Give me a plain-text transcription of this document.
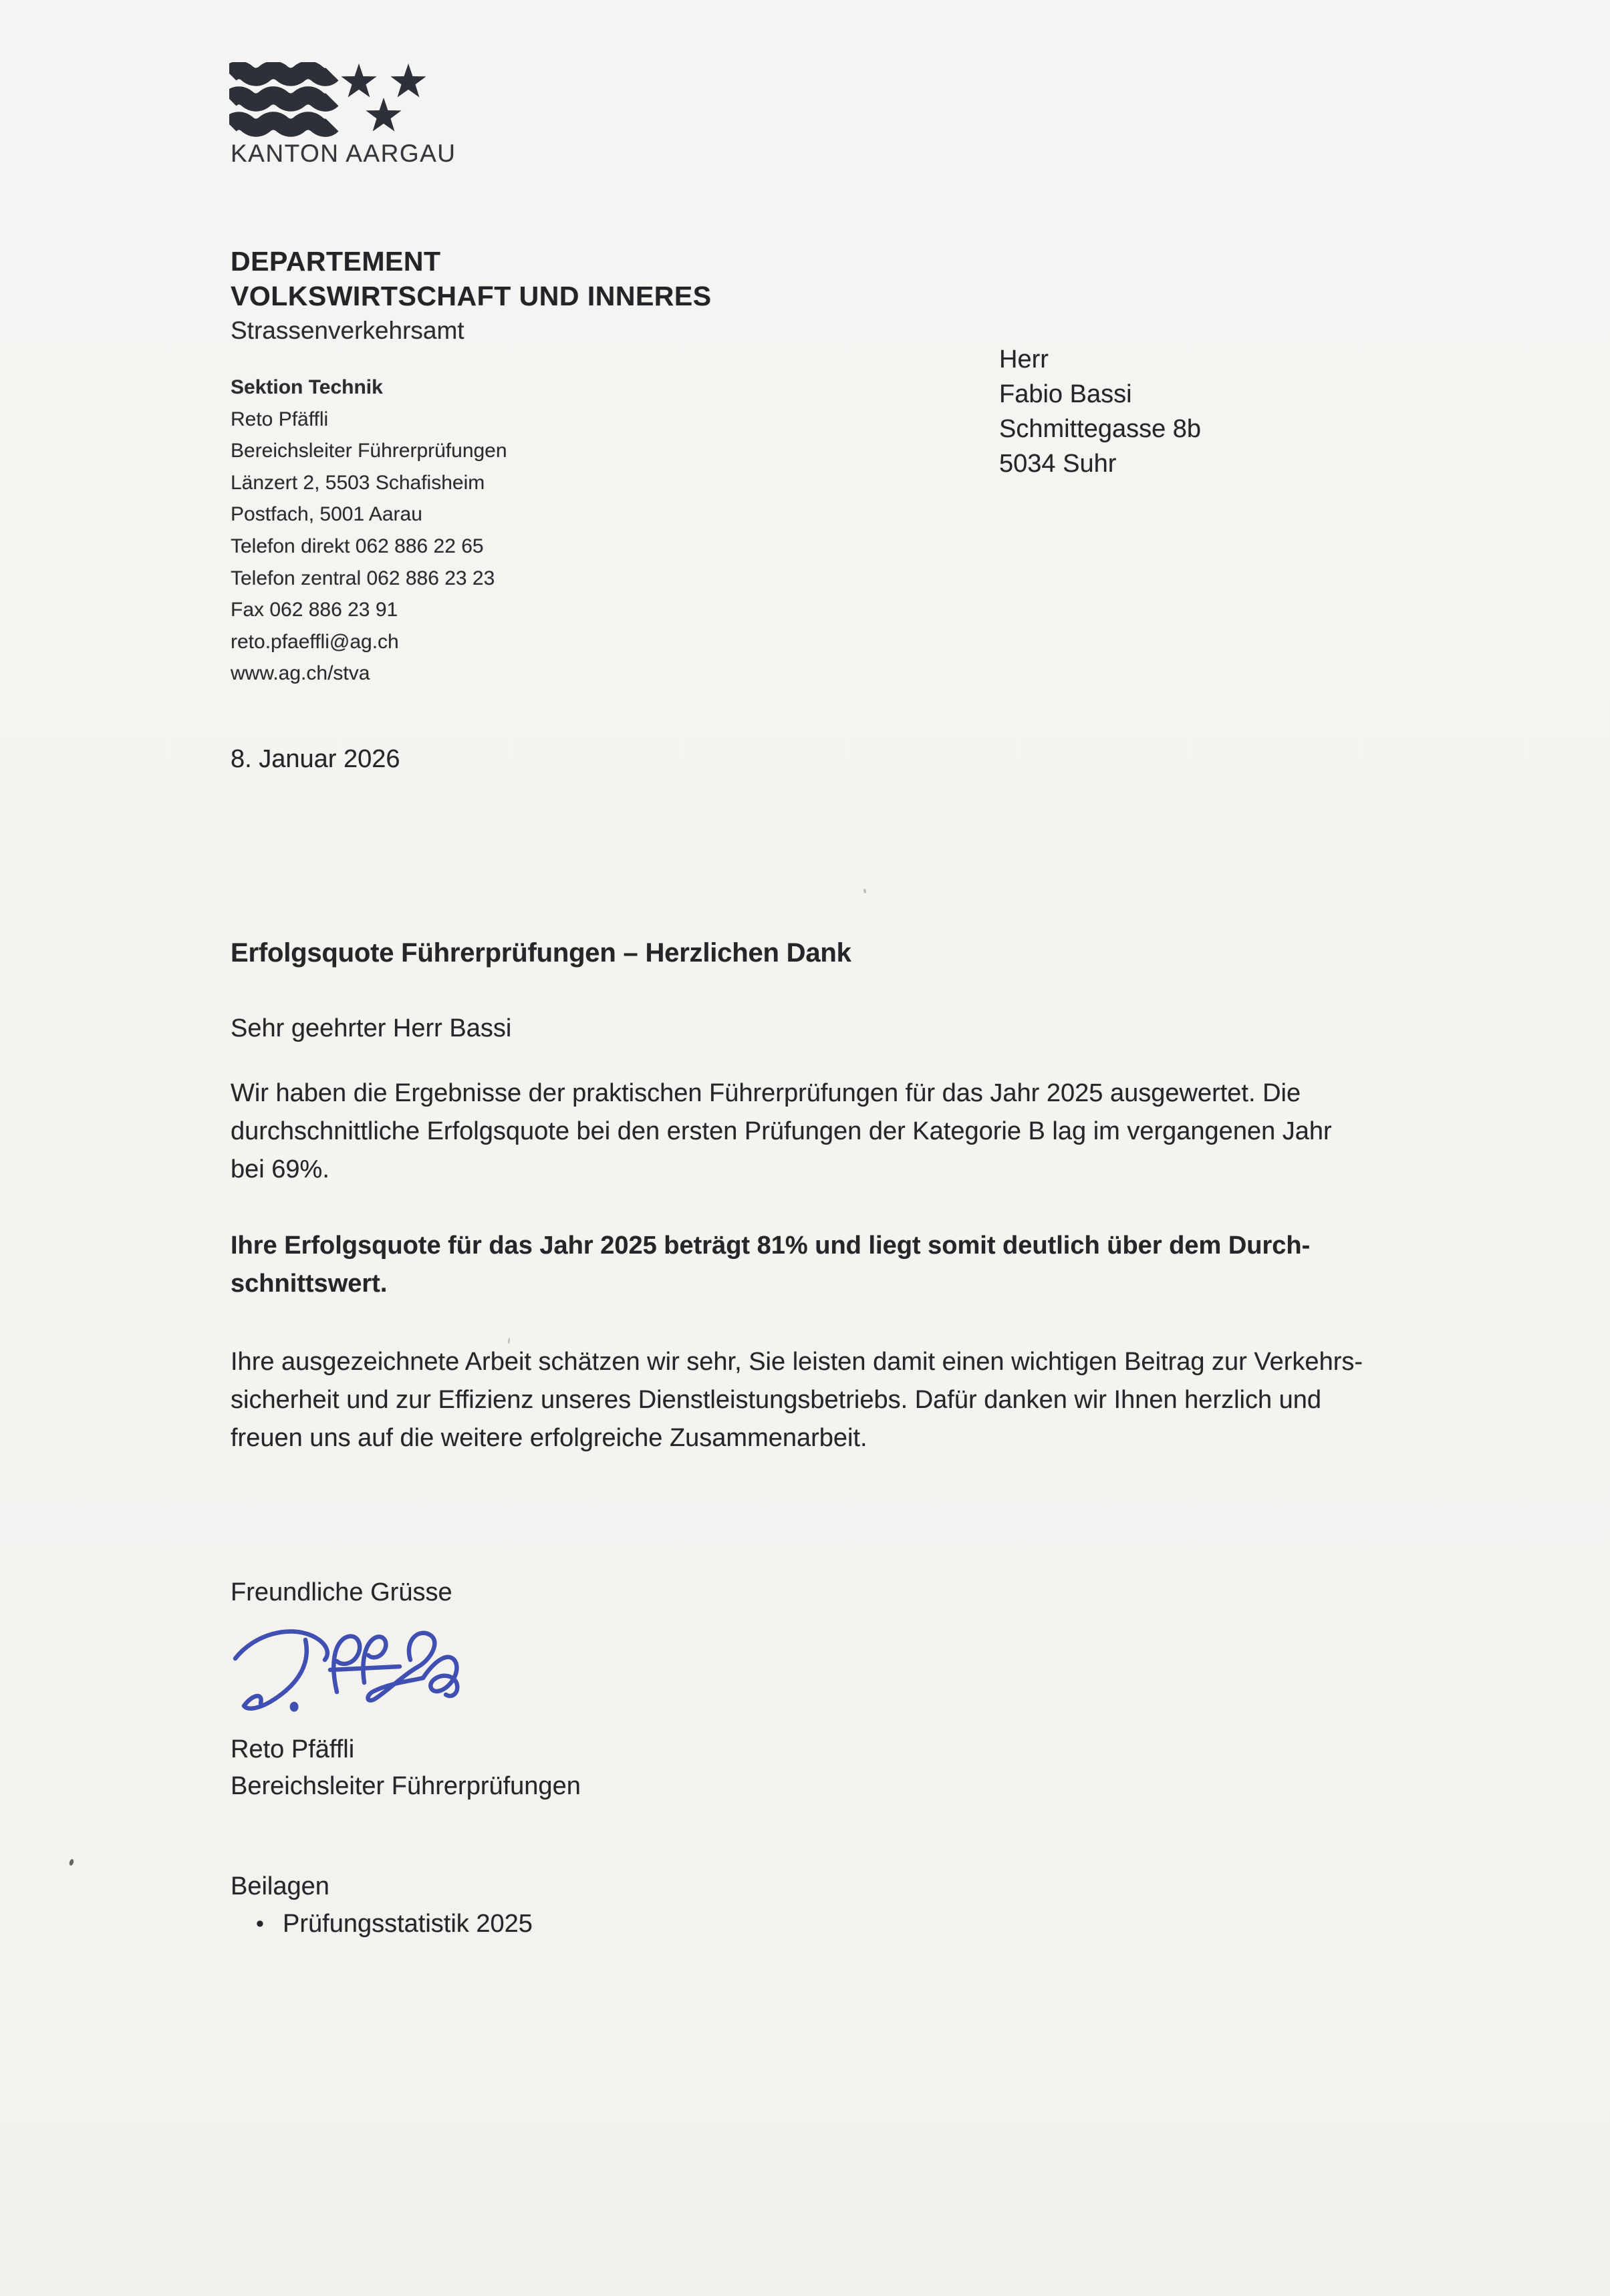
KANTON AARGAU
DEPARTEMENT
VOLKSWIRTSCHAFT UND INNERES
Strassenverkehrsamt
Sektion Technik
Reto Pfäffli
Bereichsleiter Führerprüfungen
Länzert 2, 5503 Schafisheim
Postfach, 5001 Aarau
Telefon direkt 062 886 22 65
Telefon zentral 062 886 23 23
Fax 062 886 23 91
reto.pfaeffli@ag.ch
www.ag.ch/stva
Herr
Fabio Bassi
Schmittegasse 8b
5034 Suhr
8. Januar 2026
Erfolgsquote Führerprüfungen – Herzlichen Dank
Sehr geehrter Herr Bassi
Wir haben die Ergebnisse der praktischen Führerprüfungen für das Jahr 2025 ausgewertet. Die
durchschnittliche Erfolgsquote bei den ersten Prüfungen der Kategorie B lag im vergangenen Jahr
bei 69%.
Ihre Erfolgsquote für das Jahr 2025 beträgt 81% und liegt somit deutlich über dem Durch-
schnittswert.
Ihre ausgezeichnete Arbeit schätzen wir sehr, Sie leisten damit einen wichtigen Beitrag zur Verkehrs-
sicherheit und zur Effizienz unseres Dienstleistungsbetriebs. Dafür danken wir Ihnen herzlich und
freuen uns auf die weitere erfolgreiche Zusammenarbeit.
Freundliche Grüsse
Reto Pfäffli
Bereichsleiter Führerprüfungen
Beilagen
• Prüfungsstatistik 2025
